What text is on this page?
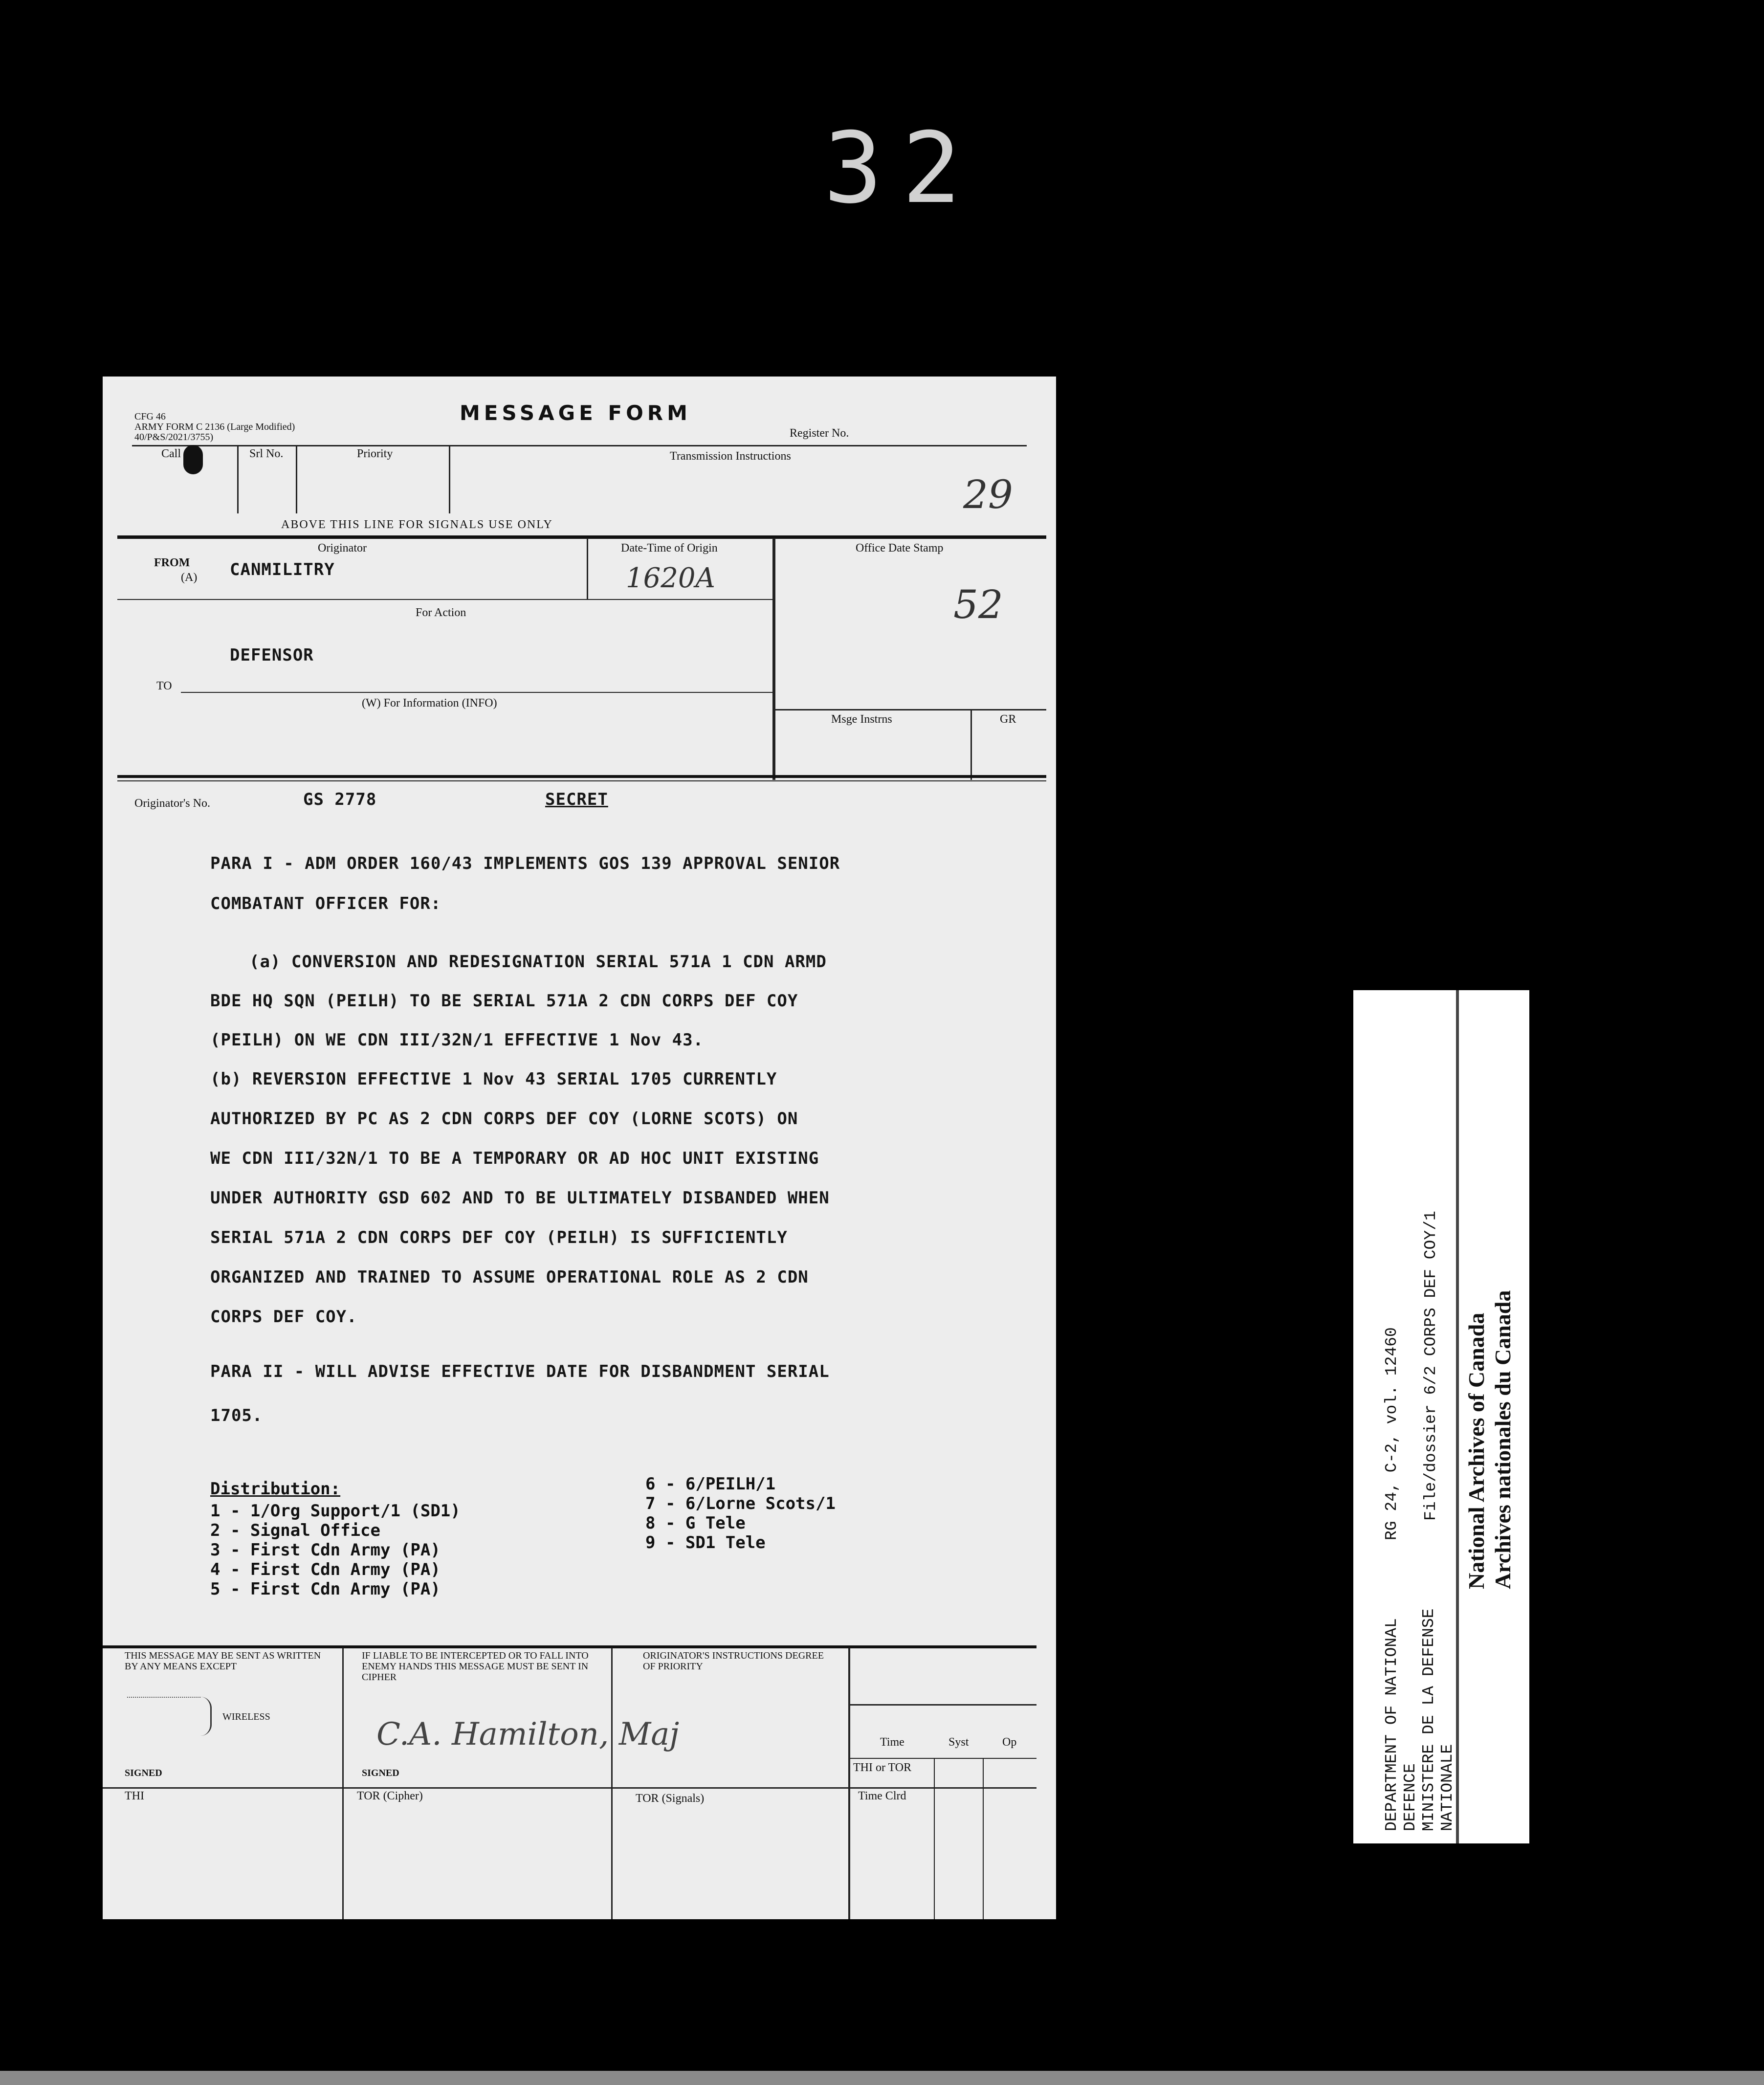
32
CFG 46
ARMY FORM C 2136 (Large Modified)
40/P&S/2021/3755)
MESSAGE FORM
Register No.
Call	Srl No.	Priority	Transmission Instructions
29
ABOVE THIS LINE FOR SIGNALS USE ONLY
Originator	Date-Time of Origin	Office Date Stamp
FROM
(A) CANMILITRY	1620A
52
For Action
DEFENSOR
TO
(W) For Information (INFO)
Msge Instrns	GR
Originator's No.	GS 2778	SECRET

PARA I - ADM ORDER 160/43 IMPLEMENTS GOS 139 APPROVAL SENIOR

COMBATANT OFFICER FOR:

(a) CONVERSION AND REDESIGNATION SERIAL 571A 1 CDN ARMD
BDE HQ SQN (PEILH) TO BE SERIAL 571A 2 CDN CORPS DEF COY
(PEILH) ON WE CDN III/32N/1 EFFECTIVE 1 Nov 43.
(b) REVERSION EFFECTIVE 1 Nov 43 SERIAL 1705 CURRENTLY
AUTHORIZED BY PC AS 2 CDN CORPS DEF COY (LORNE SCOTS) ON
WE CDN III/32N/1 TO BE A TEMPORARY OR AD HOC UNIT EXISTING
UNDER AUTHORITY GSD 602 AND TO BE ULTIMATELY DISBANDED WHEN
SERIAL 571A 2 CDN CORPS DEF COY (PEILH) IS SUFFICIENTLY
ORGANIZED AND TRAINED TO ASSUME OPERATIONAL ROLE AS 2 CDN
CORPS DEF COY.
PARA II - WILL ADVISE EFFECTIVE DATE FOR DISBANDMENT SERIAL
1705.
Distribution:
1 - 1/Org Support/1 (SD1)
2 - Signal Office
3 - First Cdn Army (PA)
4 - First Cdn Army (PA)
5 - First Cdn Army (PA)
6 - 6/PEILH/1
7 - 6/Lorne Scots/1
8 - G Tele
9 - SD1 Tele
THIS MESSAGE MAY BE SENT AS WRITTEN BY ANY MEANS EXCEPT
WIRELESS
SIGNED
IF LIABLE TO BE INTERCEPTED OR TO FALL INTO ENEMY HANDS THIS MESSAGE MUST BE SENT IN CIPHER
C.A. Hamilton, Maj
SIGNED
ORIGINATOR'S INSTRUCTIONS DEGREE OF PRIORITY
Time	Syst	Op
THI or TOR
Time Clrd
THI	TOR (Cipher)	TOR (Signals)	DEPARTMENT OF NATIONAL DEFENCE MINISTERE DE LA DEFENSE NATIONALE
RG 24, C-2, vol. 12460 File/dossier 6/2 CORPS DEF COY/1 National Archives of Canada Archives nationales du Canada
